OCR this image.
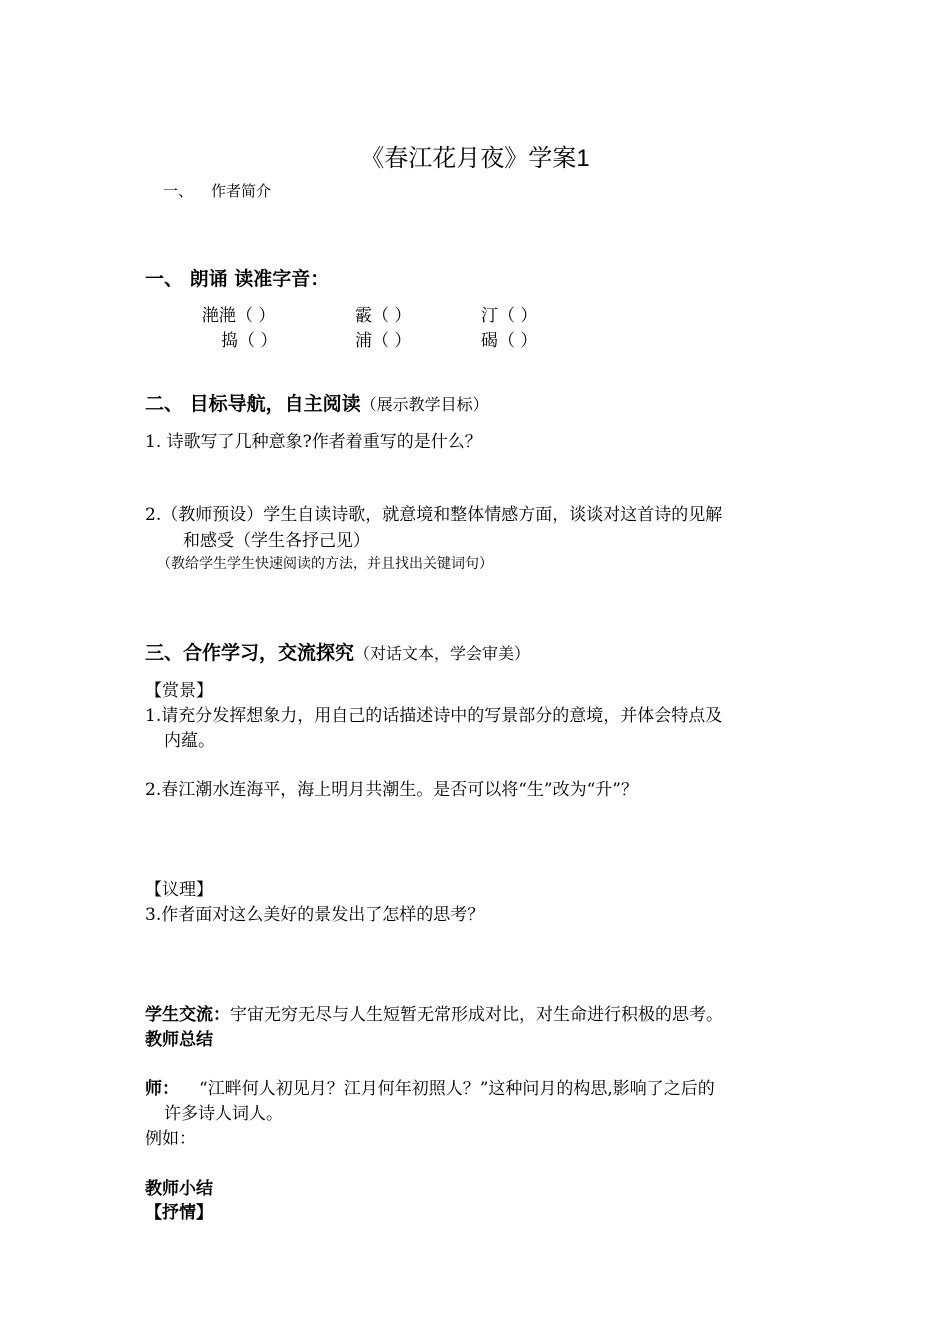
《春江花月夜》学案1
一、 作者简介
一、 朗诵 读准字音：
滟滟（ ）	霰（ ）	汀（ ）
捣（ ）	浦（ ）	碣（ ）
二、 目标导航，自主阅读（展示教学目标）
1. 诗歌写了几种意象?作者着重写的是什么？
2.（教师预设）学生自读诗歌，就意境和整体情感方面，谈谈对这首诗的见解
和感受（学生各抒己见）
（教给学生学生快速阅读的方法，并且找出关键词句）
三、合作学习，交流探究（对话文本，学会审美）
【赏景】
1.请充分发挥想象力，用自己的话描述诗中的写景部分的意境，并体会特点及
内蕴。
2.春江潮水连海平，海上明月共潮生。是否可以将“生”改为“升”？
【议理】
3.作者面对这么美好的景发出了怎样的思考？
学生交流：宇宙无穷无尽与人生短暂无常形成对比，对生命进行积极的思考。
教师总结
师： “江畔何人初见月？江月何年初照人？”这种问月的构思,影响了之后的
许多诗人词人。
例如：
教师小结
【抒情】
